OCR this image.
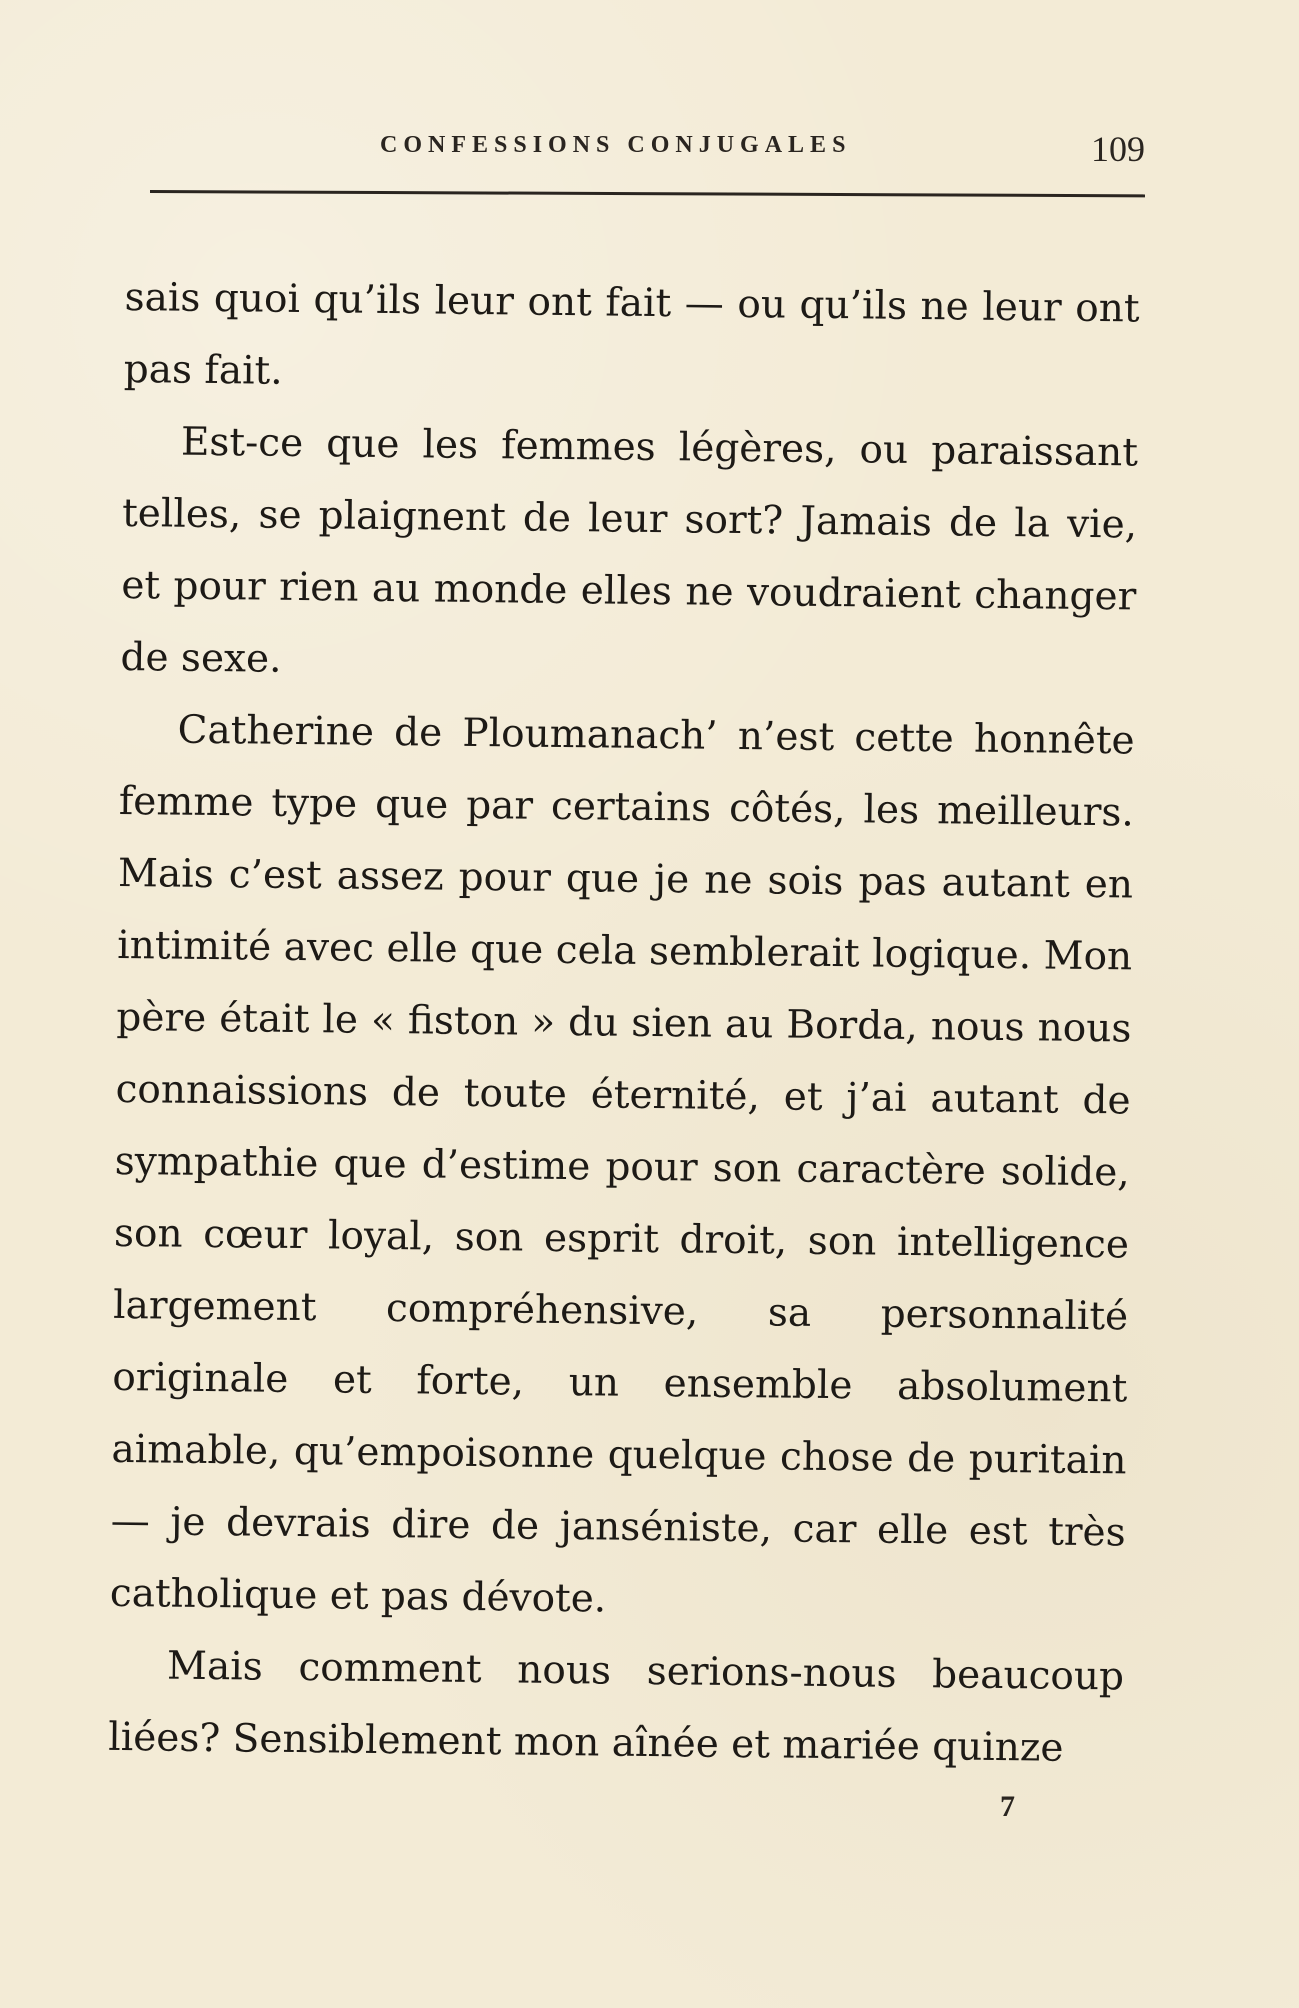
CONFESSIONS CONJUGALES	109

sais quoi qu’ils leur ont fait — ou qu’ils ne leur ont pas fait.

Est-ce que les femmes légères, ou paraissant telles, se plaignent de leur sort? Jamais de la vie, et pour rien au monde elles ne voudraient changer de sexe.

Catherine de Ploumanach’ n’est cette honnête femme type que par certains côtés, les meilleurs. Mais c’est assez pour que je ne sois pas autant en intimité avec elle que cela semblerait logique. Mon père était le « fiston » du sien au Borda, nous nous connaissions de toute éternité, et j’ai autant de sympathie que d’estime pour son caractère solide, son cœur loyal, son esprit droit, son intelligence largement compréhensive, sa personnalité originale et forte, un ensemble absolument aimable, qu’empoisonne quelque chose de puritain — je devrais dire de janséniste, car elle est très catholique et pas dévote.

Mais comment nous serions-nous beaucoup liées? Sensiblement mon aînée et mariée quinze

7
